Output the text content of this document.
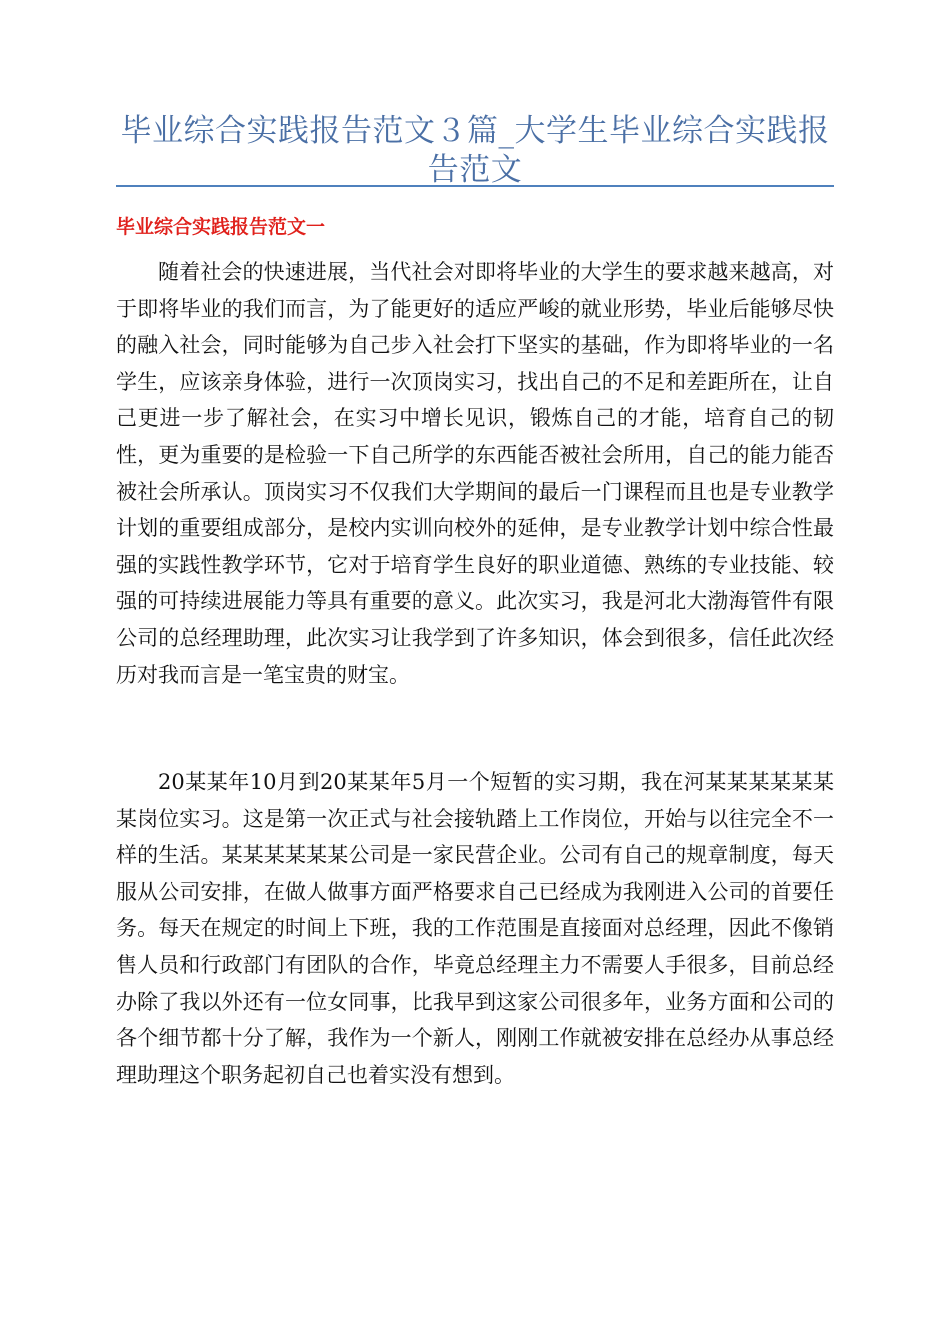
毕业综合实践报告范文３篇_大学生毕业综合实践报告范文
毕业综合实践报告范文一

随着社会的快速进展，当代社会对即将毕业的大学生的要求越来越高，对于即将毕业的我们而言，为了能更好的适应严峻的就业形势，毕业后能够尽快的融入社会，同时能够为自己步入社会打下坚实的基础，作为即将毕业的一名学生，应该亲身体验，进行一次顶岗实习，找出自己的不足和差距所在，让自己更进一步了解社会，在实习中增长见识，锻炼自己的才能，培育自己的韧性，更为重要的是检验一下自己所学的东西能否被社会所用，自己的能力能否被社会所承认。顶岗实习不仅我们大学期间的最后一门课程而且也是专业教学计划的重要组成部分，是校内实训向校外的延伸，是专业教学计划中综合性最强的实践性教学环节，它对于培育学生良好的职业道德、熟练的专业技能、较强的可持续进展能力等具有重要的意义。此次实习，我是河北大渤海管件有限公司的总经理助理，此次实习让我学到了许多知识，体会到很多，信任此次经历对我而言是一笔宝贵的财宝。

20某某年10月到20某某年5月一个短暂的实习期，我在河某某某某某某某岗位实习。这是第一次正式与社会接轨踏上工作岗位，开始与以往完全不一样的生活。某某某某某某公司是一家民营企业。公司有自己的规章制度，每天服从公司安排，在做人做事方面严格要求自己已经成为我刚进入公司的首要任务。每天在规定的时间上下班，我的工作范围是直接面对总经理，因此不像销售人员和行政部门有团队的合作，毕竟总经理主力不需要人手很多，目前总经办除了我以外还有一位女同事，比我早到这家公司很多年，业务方面和公司的各个细节都十分了解，我作为一个新人，刚刚工作就被安排在总经办从事总经理助理这个职务起初自己也着实没有想到。
